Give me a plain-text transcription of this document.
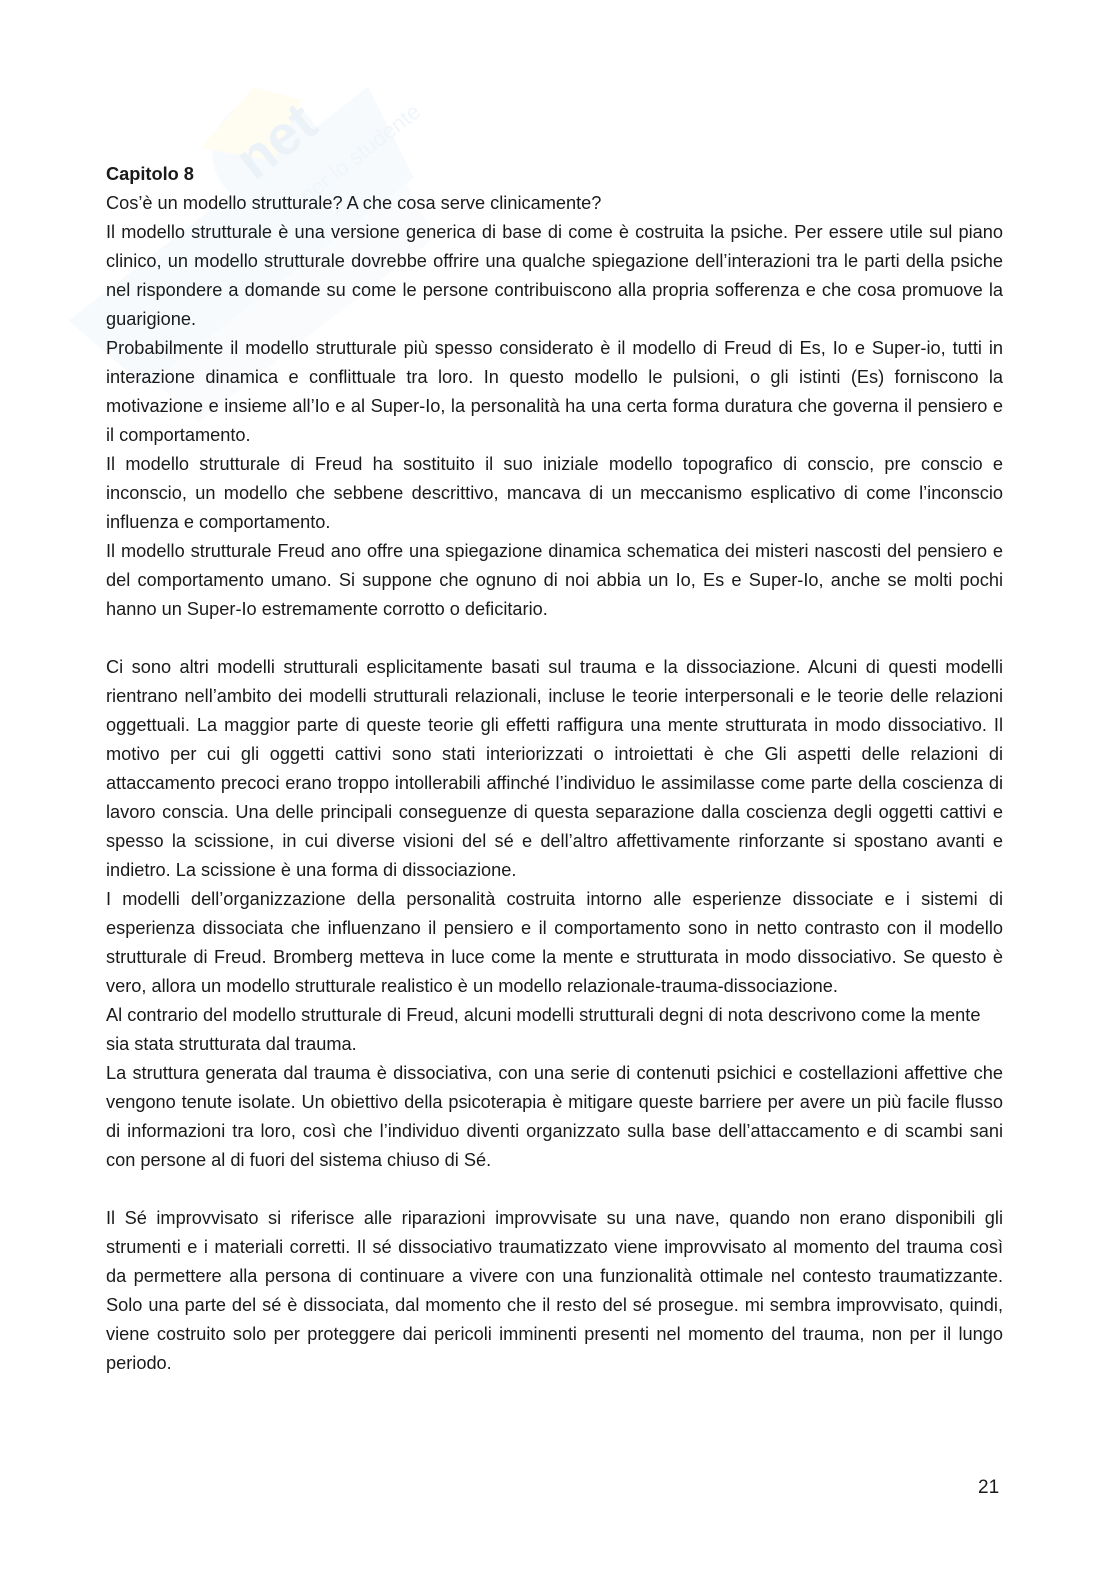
net
per lo studente
Capitolo 8

Cos’è un modello strutturale? A che cosa serve clinicamente?

Il modello strutturale è una versione generica di base di come è costruita la psiche. Per essere utile sul piano clinico, un modello strutturale dovrebbe offrire una qualche spiegazione dell’interazioni tra le parti della psiche nel rispondere a domande su come le persone contribuiscono alla propria sofferenza e che cosa promuove la guarigione.

Probabilmente il modello strutturale più spesso considerato è il modello di Freud di Es, Io e Super-io, tutti in interazione dinamica e conflittuale tra loro. In questo modello le pulsioni, o gli istinti (Es) forniscono la motivazione e insieme all’Io e al Super-Io, la personalità ha una certa forma duratura che governa il pensiero e il comportamento.

Il modello strutturale di Freud ha sostituito il suo iniziale modello topografico di conscio, pre conscio e inconscio, un modello che sebbene descrittivo, mancava di un meccanismo esplicativo di come l’inconscio influenza e comportamento.

Il modello strutturale Freud ano offre una spiegazione dinamica schematica dei misteri nascosti del pensiero e del comportamento umano. Si suppone che ognuno di noi abbia un Io, Es e Super-Io, anche se molti pochi hanno un Super-Io estremamente corrotto o deficitario.

Ci sono altri modelli strutturali esplicitamente basati sul trauma e la dissociazione. Alcuni di questi modelli rientrano nell’ambito dei modelli strutturali relazionali, incluse le teorie interpersonali e le teorie delle relazioni oggettuali. La maggior parte di queste teorie gli effetti raffigura una mente strutturata in modo dissociativo. Il motivo per cui gli oggetti cattivi sono stati interiorizzati o introiettati è che Gli aspetti delle relazioni di attaccamento precoci erano troppo intollerabili affinché l’individuo le assimilasse come parte della coscienza di lavoro conscia. Una delle principali conseguenze di questa separazione dalla coscienza degli oggetti cattivi e spesso la scissione, in cui diverse visioni del sé e dell’altro affettivamente rinforzante si spostano avanti e indietro. La scissione è una forma di dissociazione.

I modelli dell’organizzazione della personalità costruita intorno alle esperienze dissociate e i sistemi di esperienza dissociata che influenzano il pensiero e il comportamento sono in netto contrasto con il modello strutturale di Freud. Bromberg metteva in luce come la mente e strutturata in modo dissociativo. Se questo è vero, allora un modello strutturale realistico è un modello relazionale-trauma-dissociazione.

Al contrario del modello strutturale di Freud, alcuni modelli strutturali degni di nota descrivono come la mente sia stata strutturata dal trauma.

La struttura generata dal trauma è dissociativa, con una serie di contenuti psichici e costellazioni affettive che vengono tenute isolate. Un obiettivo della psicoterapia è mitigare queste barriere per avere un più facile flusso di informazioni tra loro, così che l’individuo diventi organizzato sulla base dell’attaccamento e di scambi sani con persone al di fuori del sistema chiuso di Sé.

Il Sé improvvisato si riferisce alle riparazioni improvvisate su una nave, quando non erano disponibili gli strumenti e i materiali corretti. Il sé dissociativo traumatizzato viene improvvisato al momento del trauma così da permettere alla persona di continuare a vivere con una funzionalità ottimale nel contesto traumatizzante. Solo una parte del sé è dissociata, dal momento che il resto del sé prosegue. mi sembra improvvisato, quindi, viene costruito solo per proteggere dai pericoli imminenti presenti nel momento del trauma, non per il lungo periodo.

21
